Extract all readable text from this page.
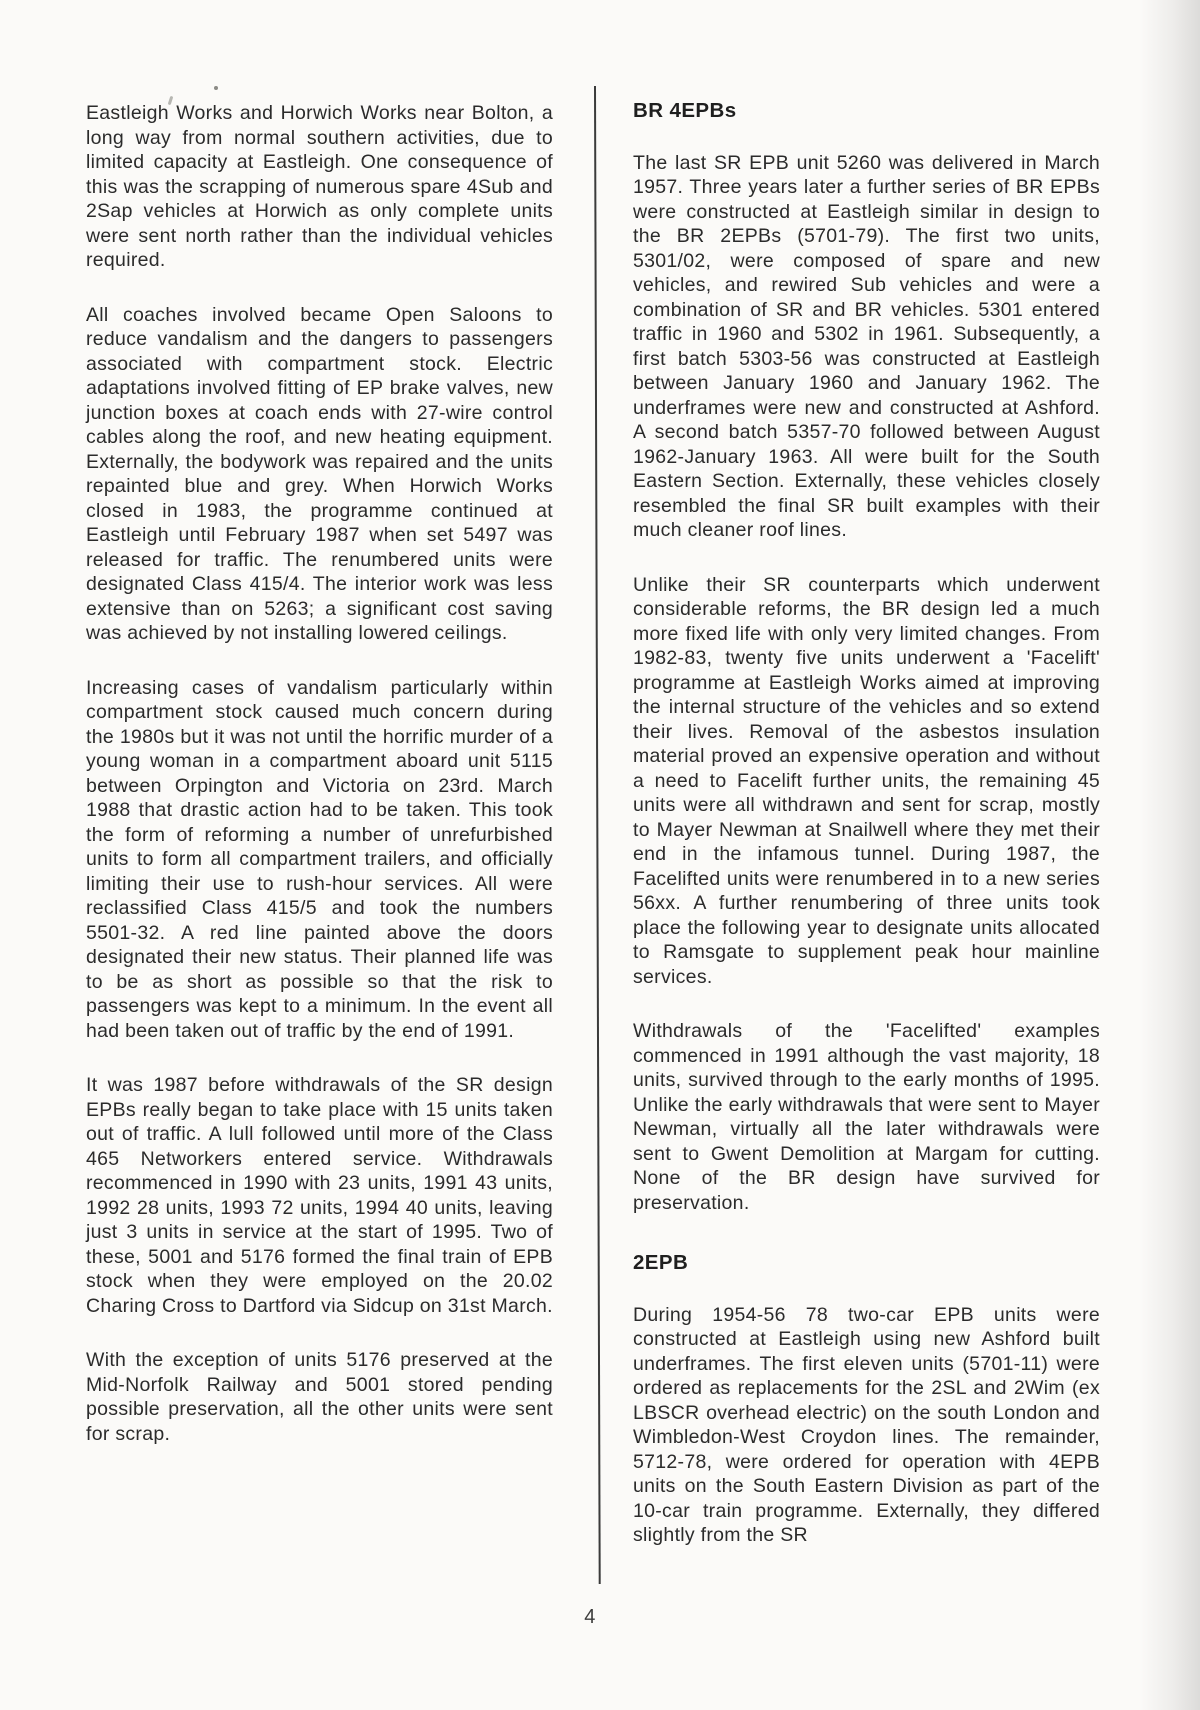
Eastleigh Works and Horwich Works near Bolton, a long way from normal southern activities, due to limited capacity at Eastleigh. One consequence of this was the scrapping of numerous spare 4Sub and 2Sap vehicles at Horwich as only complete units were sent north rather than the individual vehicles required.

All coaches involved became Open Saloons to reduce vandalism and the dangers to passengers associated with compartment stock. Electric adaptations involved fitting of EP brake valves, new junction boxes at coach ends with 27-wire control cables along the roof, and new heating equipment. Externally, the bodywork was repaired and the units repainted blue and grey. When Horwich Works closed in 1983, the programme continued at Eastleigh until February 1987 when set 5497 was released for traffic. The renumbered units were designated Class 415/4. The interior work was less extensive than on 5263; a significant cost saving was achieved by not installing lowered ceilings.

Increasing cases of vandalism particularly within compartment stock caused much concern during the 1980s but it was not until the horrific murder of a young woman in a compartment aboard unit 5115 between Orpington and Victoria on 23rd. March 1988 that drastic action had to be taken. This took the form of reforming a number of unrefurbished units to form all compartment trailers, and officially limiting their use to rush-hour services. All were reclassified Class 415/5 and took the numbers 5501-32. A red line painted above the doors designated their new status. Their planned life was to be as short as possible so that the risk to passengers was kept to a minimum. In the event all had been taken out of traffic by the end of 1991.

It was 1987 before withdrawals of the SR design EPBs really began to take place with 15 units taken out of traffic. A lull followed until more of the Class 465 Networkers entered service. Withdrawals recommenced in 1990 with 23 units, 1991 43 units, 1992 28 units, 1993 72 units, 1994 40 units, leaving just 3 units in service at the start of 1995. Two of these, 5001 and 5176 formed the final train of EPB stock when they were employed on the 20.02 Charing Cross to Dartford via Sidcup on 31st March.

With the exception of units 5176 preserved at the Mid-Norfolk Railway and 5001 stored pending possible preservation, all the other units were sent for scrap.

BR 4EPBs

The last SR EPB unit 5260 was delivered in March 1957. Three years later a further series of BR EPBs were constructed at Eastleigh similar in design to the BR 2EPBs (5701-79). The first two units, 5301/02, were composed of spare and new vehicles, and rewired Sub vehicles and were a combination of SR and BR vehicles. 5301 entered traffic in 1960 and 5302 in 1961. Subsequently, a first batch 5303-56 was constructed at Eastleigh between January 1960 and January 1962. The underframes were new and constructed at Ashford. A second batch 5357-70 followed between August 1962-January 1963. All were built for the South Eastern Section. Externally, these vehicles closely resembled the final SR built examples with their much cleaner roof lines.

Unlike their SR counterparts which underwent considerable reforms, the BR design led a much more fixed life with only very limited changes. From 1982-83, twenty five units underwent a 'Facelift' programme at Eastleigh Works aimed at improving the internal structure of the vehicles and so extend their lives. Removal of the asbestos insulation material proved an expensive operation and without a need to Facelift further units, the remaining 45 units were all withdrawn and sent for scrap, mostly to Mayer Newman at Snailwell where they met their end in the infamous tunnel. During 1987, the Facelifted units were renumbered in to a new series 56xx. A further renumbering of three units took place the following year to designate units allocated to Ramsgate to supplement peak hour mainline services.

Withdrawals of the 'Facelifted' examples commenced in 1991 although the vast majority, 18 units, survived through to the early months of 1995. Unlike the early withdrawals that were sent to Mayer Newman, virtually all the later withdrawals were sent to Gwent Demolition at Margam for cutting. None of the BR design have survived for preservation.

2EPB

During 1954-56 78 two-car EPB units were constructed at Eastleigh using new Ashford built underframes. The first eleven units (5701-11) were ordered as replacements for the 2SL and 2Wim (ex LBSCR overhead electric) on the south London and Wimbledon-West Croydon lines. The remainder, 5712-78, were ordered for operation with 4EPB units on the South Eastern Division as part of the 10-car train programme. Externally, they differed slightly from the SR

4
